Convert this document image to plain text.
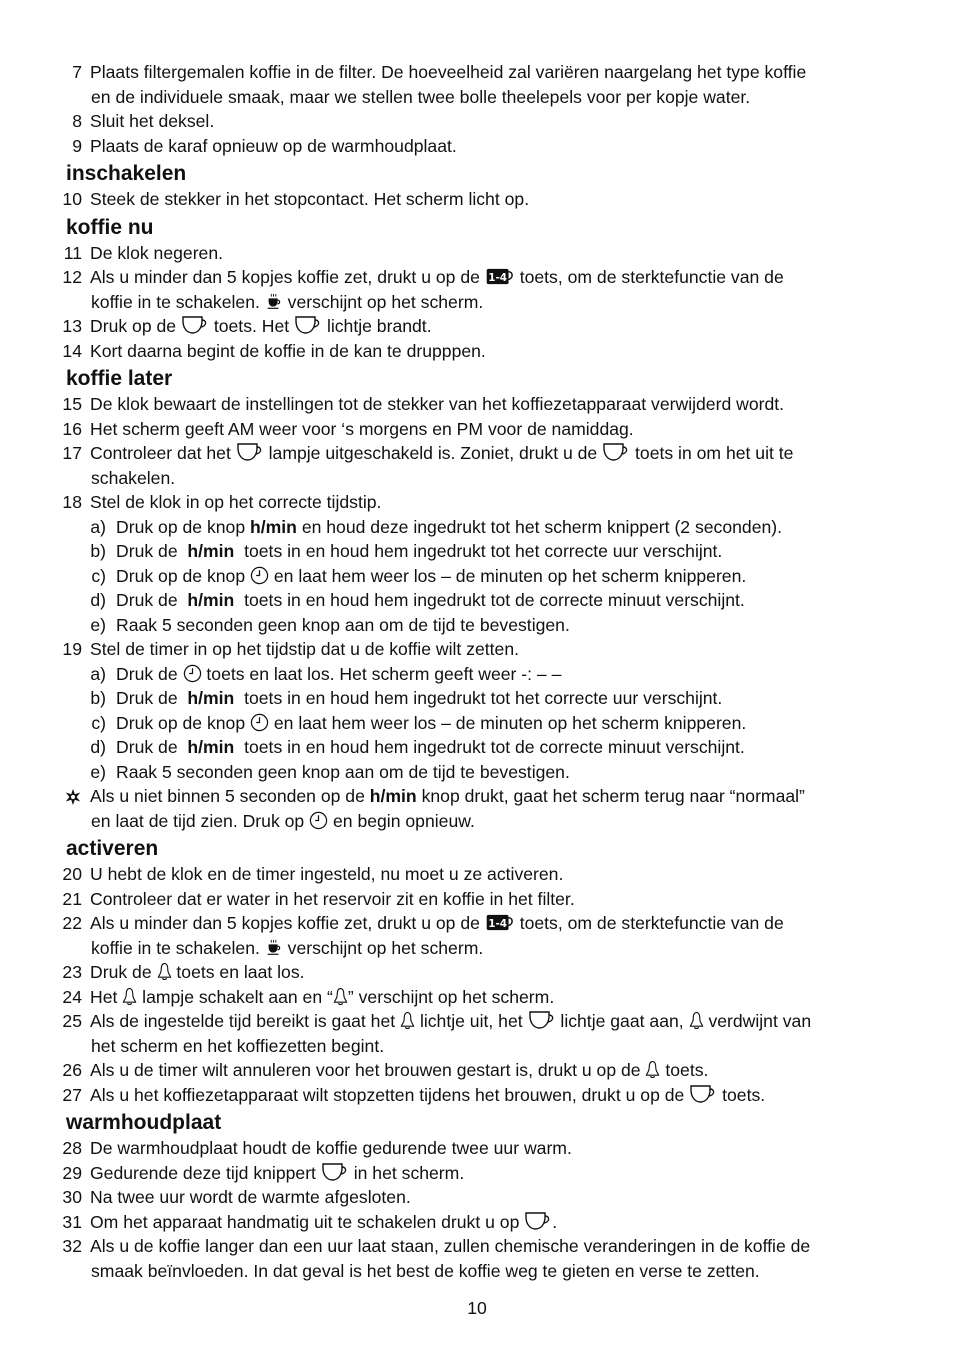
7 Plaats filtergemalen koffie in de filter. De hoeveelheid zal variëren naargelang het type koffie
en de individuele smaak, maar we stellen twee bolle theelepels voor per kopje water.
8 Sluit het deksel.
9 Plaats de karaf opnieuw op de warmhoudplaat.
inschakelen
10 Steek de stekker in het stopcontact. Het scherm licht op.
koffie nu
11 De klok negeren.
12 Als u minder dan 5 kopjes koffie zet, drukt u op de toets, om de sterktefunctie van de
koffie in te schakelen. verschijnt op het scherm.
13 Druk op de toets. Het lichtje brandt.
14 Kort daarna begint de koffie in de kan te drupppen.
koffie later
15 De klok bewaart de instellingen tot de stekker van het koffiezetapparaat verwijderd wordt.
16 Het scherm geeft AM weer voor ‘s morgens en PM voor de namiddag.
17 Controleer dat het lampje uitgeschakeld is. Zoniet, drukt u de toets in om het uit te
schakelen.
18 Stel de klok in op het correcte tijdstip.
a) Druk op de knop h/min en houd deze ingedrukt tot het scherm knippert (2 seconden).
b) Druk de h/min toets in en houd hem ingedrukt tot het correcte uur verschijnt.
c) Druk op de knop en laat hem weer los – de minuten op het scherm knipperen.
d) Druk de h/min toets in en houd hem ingedrukt tot de correcte minuut verschijnt.
e) Raak 5 seconden geen knop aan om de tijd te bevestigen.
19 Stel de timer in op het tijdstip dat u de koffie wilt zetten.
a) Druk de toets en laat los. Het scherm geeft weer -: – –
b) Druk de h/min toets in en houd hem ingedrukt tot het correcte uur verschijnt.
c) Druk op de knop en laat hem weer los – de minuten op het scherm knipperen.
d) Druk de h/min toets in en houd hem ingedrukt tot de correcte minuut verschijnt.
e) Raak 5 seconden geen knop aan om de tijd te bevestigen.
Als u niet binnen 5 seconden op de h/min knop drukt, gaat het scherm terug naar “normaal”
en laat de tijd zien. Druk op en begin opnieuw.
activeren
20 U hebt de klok en de timer ingesteld, nu moet u ze activeren.
21 Controleer dat er water in het reservoir zit en koffie in het filter.
22 Als u minder dan 5 kopjes koffie zet, drukt u op de toets, om de sterktefunctie van de
koffie in te schakelen. verschijnt op het scherm.
23 Druk de toets en laat los.
24 Het lampje schakelt aan en “ ” verschijnt op het scherm.
25 Als de ingestelde tijd bereikt is gaat het lichtje uit, het lichtje gaat aan, verdwijnt van
het scherm en het koffiezetten begint.
26 Als u de timer wilt annuleren voor het brouwen gestart is, drukt u op de toets.
27 Als u het koffiezetapparaat wilt stopzetten tijdens het brouwen, drukt u op de toets.
warmhoudplaat
28 De warmhoudplaat houdt de koffie gedurende twee uur warm.
29 Gedurende deze tijd knippert in het scherm.
30 Na twee uur wordt de warmte afgesloten.
31 Om het apparaat handmatig uit te schakelen drukt u op .
32 Als u de koffie langer dan een uur laat staan, zullen chemische veranderingen in de koffie de
smaak beïnvloeden. In dat geval is het best de koffie weg te gieten en verse te zetten.
10
